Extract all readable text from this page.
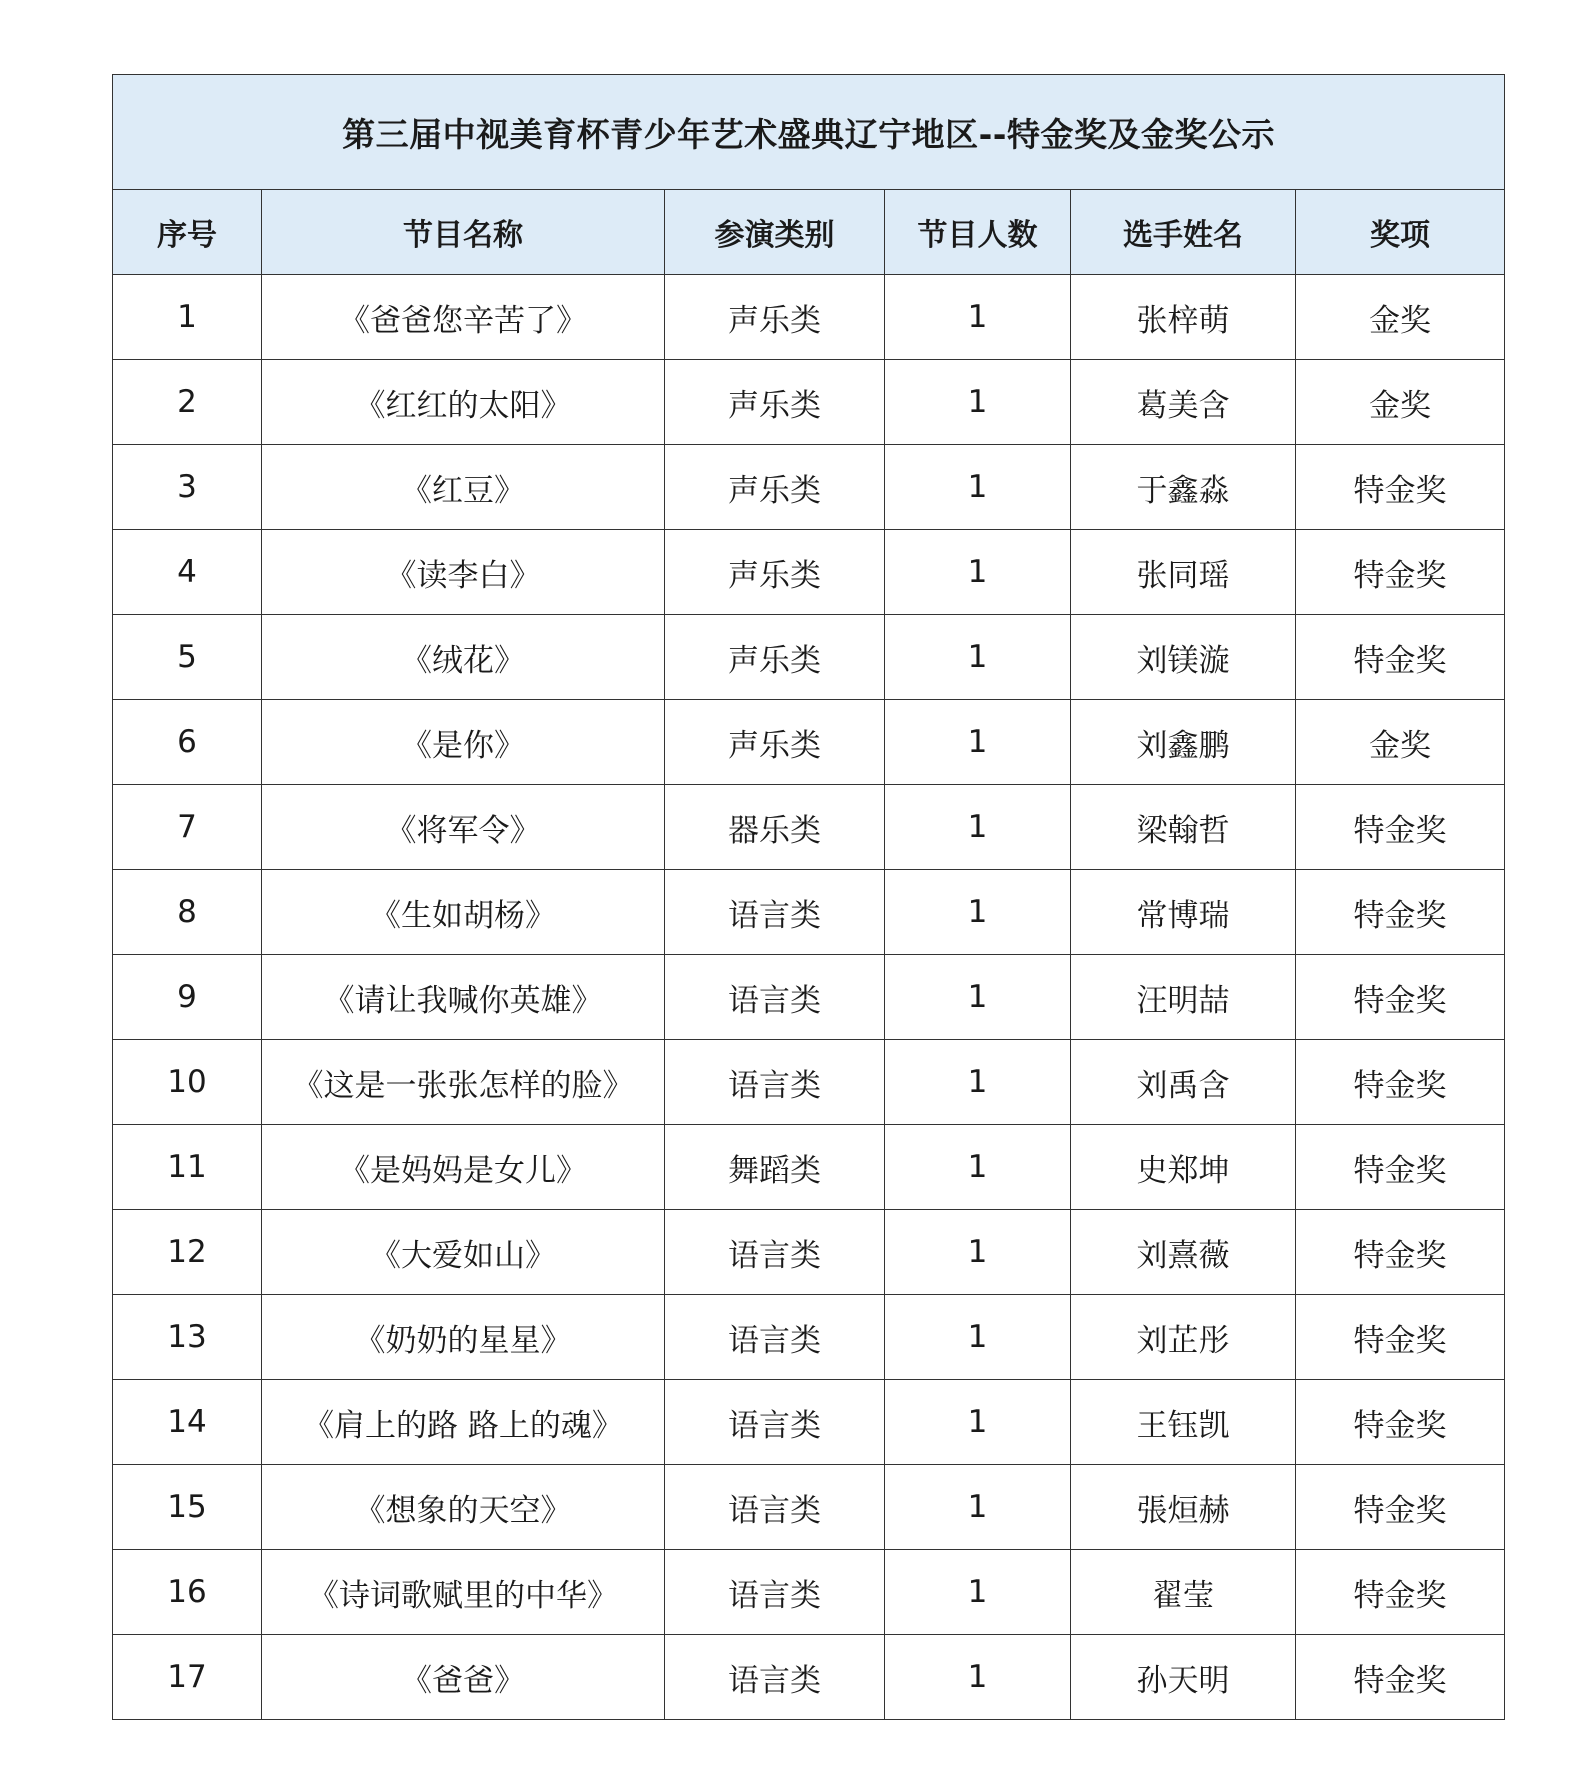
第三届中视美育杯青少年艺术盛典辽宁地区--特金奖及金奖公示					
序号	节目名称	参演类别	节目人数	选手姓名	奖项
1	《爸爸您辛苦了》	声乐类	1	张梓萌	金奖
2	《红红的太阳》	声乐类	1	葛美含	金奖
3	《红豆》	声乐类	1	于鑫淼	特金奖
4	《读李白》	声乐类	1	张同瑶	特金奖
5	《绒花》	声乐类	1	刘镁漩	特金奖
6	《是你》	声乐类	1	刘鑫鹏	金奖
7	《将军令》	器乐类	1	梁翰哲	特金奖
8	《生如胡杨》	语言类	1	常博瑞	特金奖
9	《请让我喊你英雄》	语言类	1	汪明喆	特金奖
10	《这是一张张怎样的脸》	语言类	1	刘禹含	特金奖
11	《是妈妈是女儿》	舞蹈类	1	史郑坤	特金奖
12	《大爱如山》	语言类	1	刘熹薇	特金奖
13	《奶奶的星星》	语言类	1	刘芷彤	特金奖
14	《肩上的路 路上的魂》	语言类	1	王钰凯	特金奖
15	《想象的天空》	语言类	1	張烜赫	特金奖
16	《诗词歌赋里的中华》	语言类	1	翟莹	特金奖
17	《爸爸》	语言类	1	孙天明	特金奖
